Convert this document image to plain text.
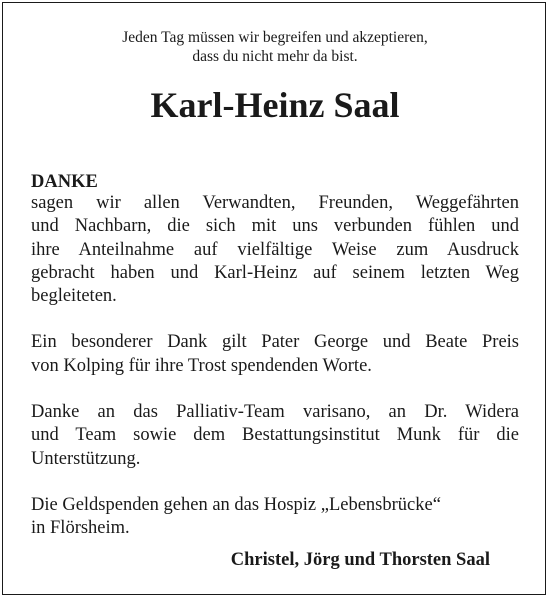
Jeden Tag müssen wir begreifen und akzeptieren,
dass du nicht mehr da bist.
Karl-Heinz Saal
DANKE
sagen wir allen Verwandten, Freunden, Weggefährten
und Nachbarn, die sich mit uns verbunden fühlen und
ihre Anteilnahme auf vielfältige Weise zum Ausdruck
gebracht haben und Karl-Heinz auf seinem letzten Weg
begleiteten.
Ein besonderer Dank gilt Pater George und Beate Preis
von Kolping für ihre Trost spendenden Worte.
Danke an das Palliativ-Team varisano, an Dr. Widera
und Team sowie dem Bestattungsinstitut Munk für die
Unterstützung.
Die Geldspenden gehen an das Hospiz „Lebensbrücke“
in Flörsheim.
Christel, Jörg und Thorsten Saal
